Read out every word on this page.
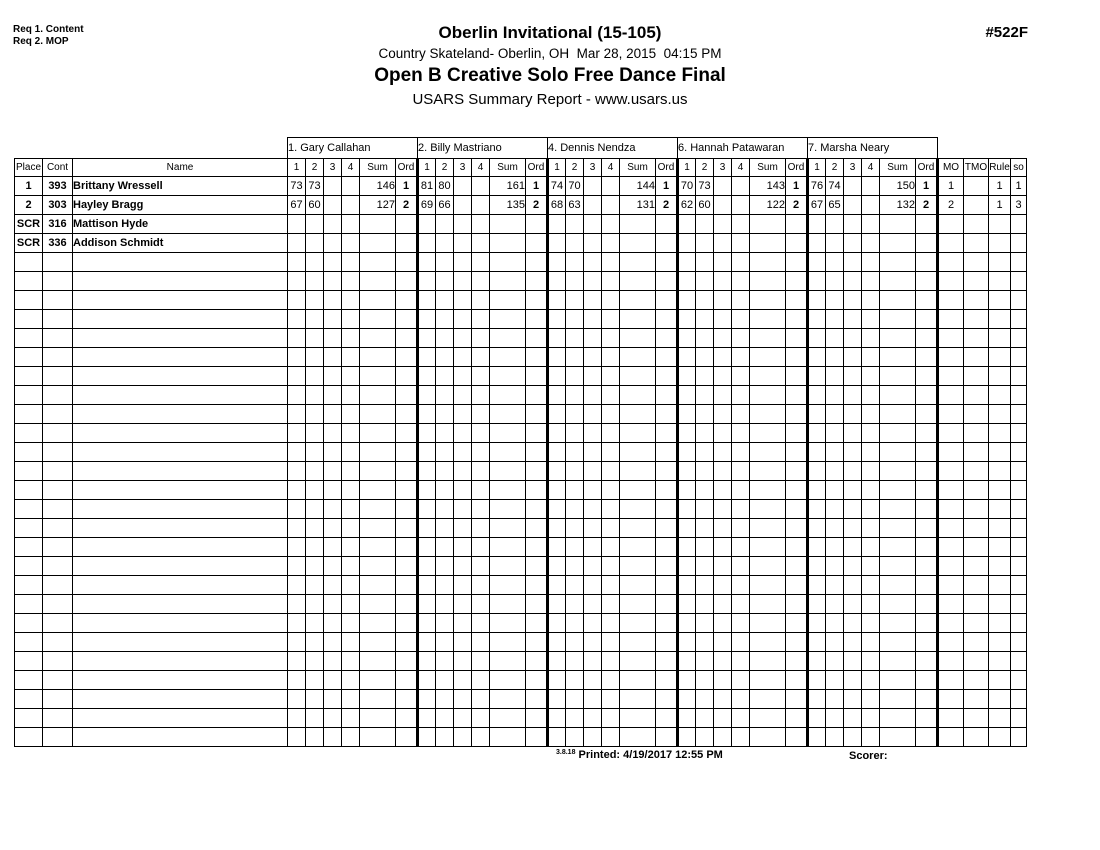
Req 1. Content
Req 2. MOP
#522F
Oberlin Invitational (15-105)
Country Skateland- Oberlin, OH  Mar 28, 2015  04:15 PM
Open B Creative Solo Free Dance Final
USARS Summary Report - www.usars.us
			1. Gary Callahan						2. Billy Mastriano						4. Dennis Nendza						6. Hannah Patawaran						7. Marsha Neary									
Place	Cont	Name	1	2	3	4	Sum	Ord	1	2	3	4	Sum	Ord	1	2	3	4	Sum	Ord	1	2	3	4	Sum	Ord	1	2	3	4	Sum	Ord	MO	TMO	Rule	so
1	393	Brittany Wressell	73	73			146	1	81	80			161	1	74	70			144	1	70	73			143	1	76	74			150	1	1		1	1
2	303	Hayley Bragg	67	60			127	2	69	66			135	2	68	63			131	2	62	60			122	2	67	65			132	2	2		1	3
SCR	316	Mattison Hyde																																		
SCR	336	Addison Schmidt																																		

$^{3.8.18}$ Printed: 4/19/2017 12:55 PM	Scorer:
